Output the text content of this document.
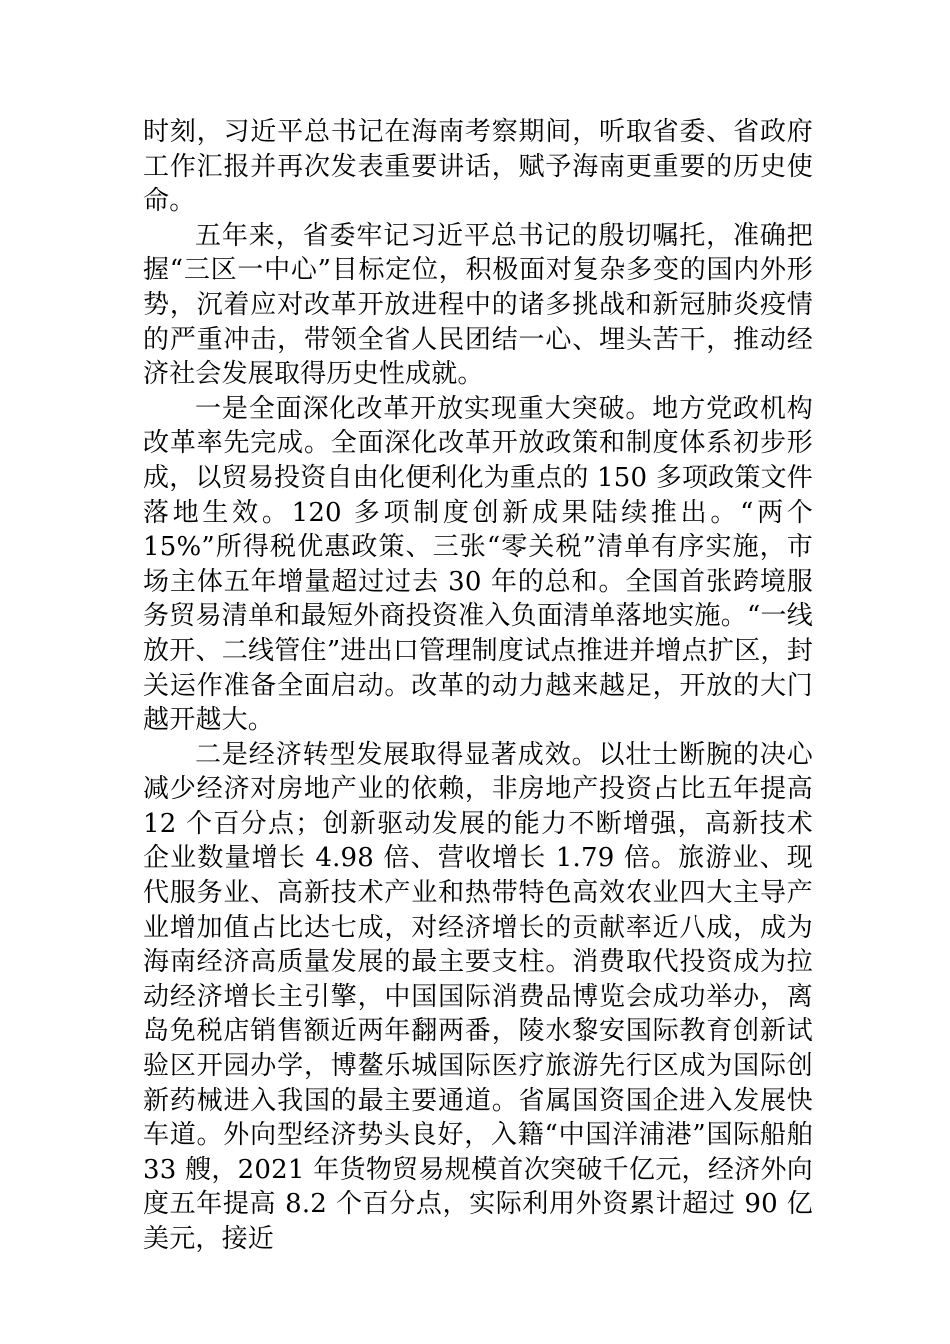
时刻，习近平总书记在海南考察期间，听取省委、省政府工作汇报并再次发表重要讲话，赋予海南更重要的历史使命。

五年来，省委牢记习近平总书记的殷切嘱托，准确把握“三区一中心”目标定位，积极面对复杂多变的国内外形势，沉着应对改革开放进程中的诸多挑战和新冠肺炎疫情的严重冲击，带领全省人民团结一心、埋头苦干，推动经济社会发展取得历史性成就。

一是全面深化改革开放实现重大突破。地方党政机构改革率先完成。全面深化改革开放政策和制度体系初步形成，以贸易投资自由化便利化为重点的 150 多项政策文件落地生效。120 多项制度创新成果陆续推出。“两个 15%”所得税优惠政策、三张“零关税”清单有序实施，市场主体五年增量超过过去 30 年的总和。全国首张跨境服务贸易清单和最短外商投资准入负面清单落地实施。“一线放开、二线管住”进出口管理制度试点推进并增点扩区，封关运作准备全面启动。改革的动力越来越足，开放的大门越开越大。

二是经济转型发展取得显著成效。以壮士断腕的决心减少经济对房地产业的依赖，非房地产投资占比五年提高 12 个百分点；创新驱动发展的能力不断增强，高新技术企业数量增长 4.98 倍、营收增长 1.79 倍。旅游业、现代服务业、高新技术产业和热带特色高效农业四大主导产业增加值占比达七成，对经济增长的贡献率近八成，成为海南经济高质量发展的最主要支柱。消费取代投资成为拉动经济增长主引擎，中国国际消费品博览会成功举办，离岛免税店销售额近两年翻两番，陵水黎安国际教育创新试验区开园办学，博鳌乐城国际医疗旅游先行区成为国际创新药械进入我国的最主要通道。省属国资国企进入发展快车道。外向型经济势头良好，入籍“中国洋浦港”国际船舶 33 艘，2021 年货物贸易规模首次突破千亿元，经济外向度五年提高 8.2 个百分点，实际利用外资累计超过 90 亿美元，接近
